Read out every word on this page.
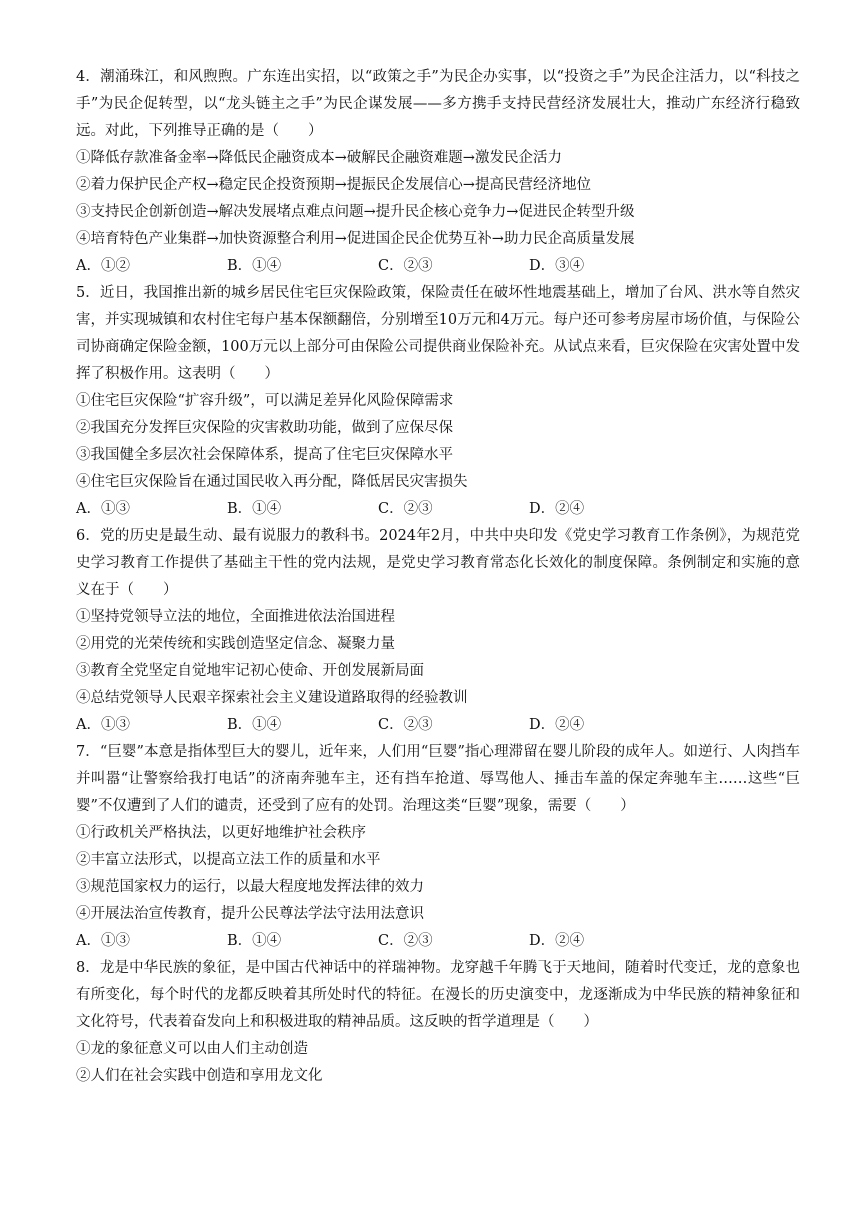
4．潮涌珠江，和风煦煦。广东连出实招，以“政策之手”为民企办实事，以“投资之手”为民企注活力，以“科技之手”为民企促转型，以“龙头链主之手”为民企谋发展——多方携手支持民营经济发展壮大，推动广东经济行稳致远。对此，下列推导正确的是（　　）

①降低存款准备金率→降低民企融资成本→破解民企融资难题→激发民企活力

②着力保护民企产权→稳定民企投资预期→提振民企发展信心→提高民营经济地位

③支持民企创新创造→解决发展堵点难点问题→提升民企核心竞争力→促进民企转型升级

④培育特色产业集群→加快资源整合利用→促进国企民企优势互补→助力民企高质量发展

A．①②	B．①④	C．②③	D．③④

5．近日，我国推出新的城乡居民住宅巨灾保险政策，保险责任在破坏性地震基础上，增加了台风、洪水等自然灾害，并实现城镇和农村住宅每户基本保额翻倍，分别增至10万元和4万元。每户还可参考房屋市场价值，与保险公司协商确定保险金额，100万元以上部分可由保险公司提供商业保险补充。从试点来看，巨灾保险在灾害处置中发挥了积极作用。这表明（　　）

①住宅巨灾保险“扩容升级”，可以满足差异化风险保障需求

②我国充分发挥巨灾保险的灾害救助功能，做到了应保尽保

③我国健全多层次社会保障体系，提高了住宅巨灾保障水平

④住宅巨灾保险旨在通过国民收入再分配，降低居民灾害损失

A．①③	B．①④	C．②③	D．②④

6．党的历史是最生动、最有说服力的教科书。2024年2月，中共中央印发《党史学习教育工作条例》，为规范党史学习教育工作提供了基础主干性的党内法规，是党史学习教育常态化长效化的制度保障。条例制定和实施的意义在于（　　）

①坚持党领导立法的地位，全面推进依法治国进程

②用党的光荣传统和实践创造坚定信念、凝聚力量

③教育全党坚定自觉地牢记初心使命、开创发展新局面

④总结党领导人民艰辛探索社会主义建设道路取得的经验教训

A．①③	B．①④	C．②③	D．②④

7．“巨婴”本意是指体型巨大的婴儿，近年来，人们用“巨婴”指心理滞留在婴儿阶段的成年人。如逆行、人肉挡车并叫嚣“让警察给我打电话”的济南奔驰车主，还有挡车抢道、辱骂他人、捶击车盖的保定奔驰车主……这些“巨婴”不仅遭到了人们的谴责，还受到了应有的处罚。治理这类“巨婴”现象，需要（　　）

①行政机关严格执法，以更好地维护社会秩序

②丰富立法形式，以提高立法工作的质量和水平

③规范国家权力的运行，以最大程度地发挥法律的效力

④开展法治宣传教育，提升公民尊法学法守法用法意识

A．①③	B．①④	C．②③	D．②④

8．龙是中华民族的象征，是中国古代神话中的祥瑞神物。龙穿越千年腾飞于天地间，随着时代变迁，龙的意象也有所变化，每个时代的龙都反映着其所处时代的特征。在漫长的历史演变中，龙逐渐成为中华民族的精神象征和文化符号，代表着奋发向上和积极进取的精神品质。这反映的哲学道理是（　　）

①龙的象征意义可以由人们主动创造

②人们在社会实践中创造和享用龙文化
